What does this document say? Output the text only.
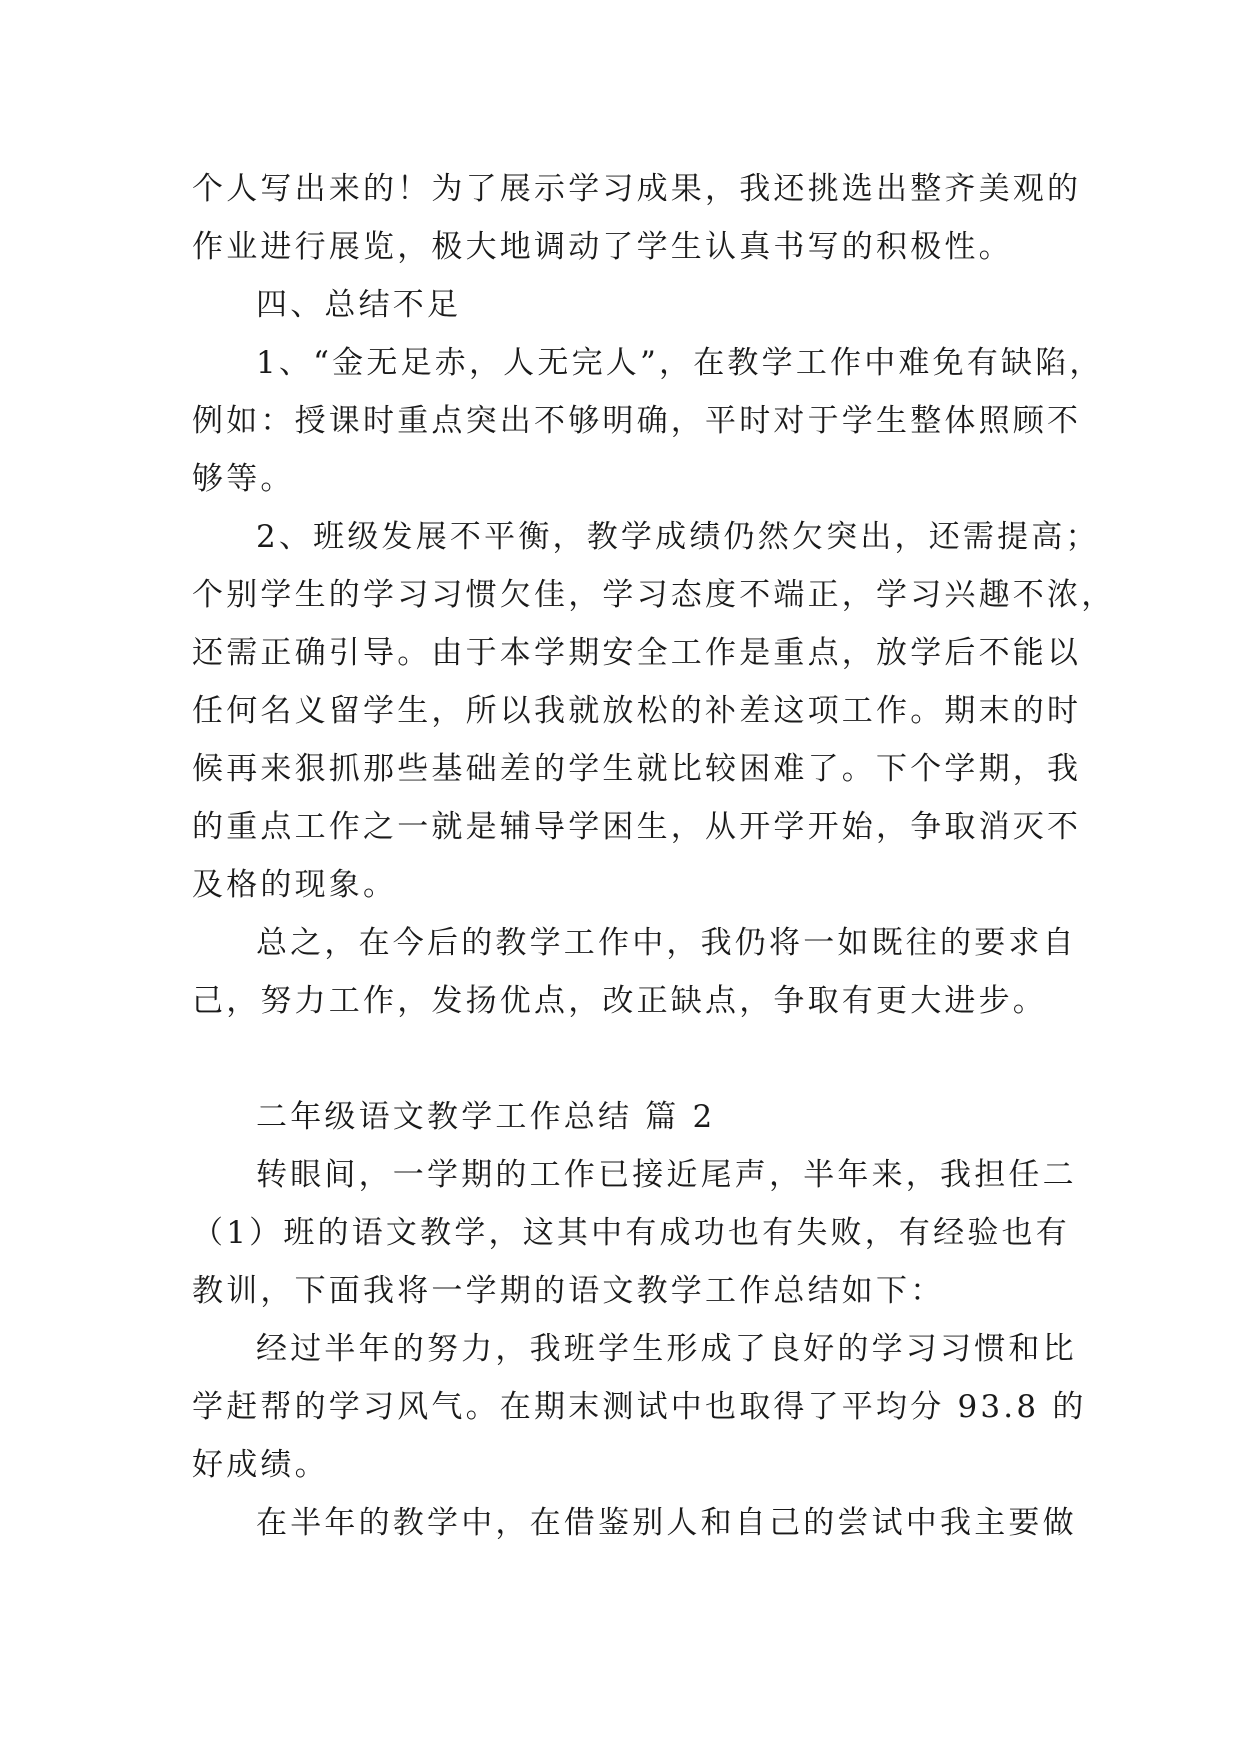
个人写出来的！为了展示学习成果，我还挑选出整齐美观的
作业进行展览，极大地调动了学生认真书写的积极性。
四、总结不足
1、“金无足赤，人无完人”，在教学工作中难免有缺陷，
例如：授课时重点突出不够明确，平时对于学生整体照顾不
够等。
2、班级发展不平衡，教学成绩仍然欠突出，还需提高；
个别学生的学习习惯欠佳，学习态度不端正，学习兴趣不浓，
还需正确引导。由于本学期安全工作是重点，放学后不能以
任何名义留学生，所以我就放松的补差这项工作。期末的时
候再来狠抓那些基础差的学生就比较困难了。下个学期，我
的重点工作之一就是辅导学困生，从开学开始，争取消灭不
及格的现象。
总之，在今后的教学工作中，我仍将一如既往的要求自
己，努力工作，发扬优点，改正缺点，争取有更大进步。
二年级语文教学工作总结 篇 2
转眼间，一学期的工作已接近尾声，半年来，我担任二
（1）班的语文教学，这其中有成功也有失败，有经验也有
教训，下面我将一学期的语文教学工作总结如下：
经过半年的努力，我班学生形成了良好的学习习惯和比
学赶帮的学习风气。在期末测试中也取得了平均分 93.8 的
好成绩。
在半年的教学中，在借鉴别人和自己的尝试中我主要做
